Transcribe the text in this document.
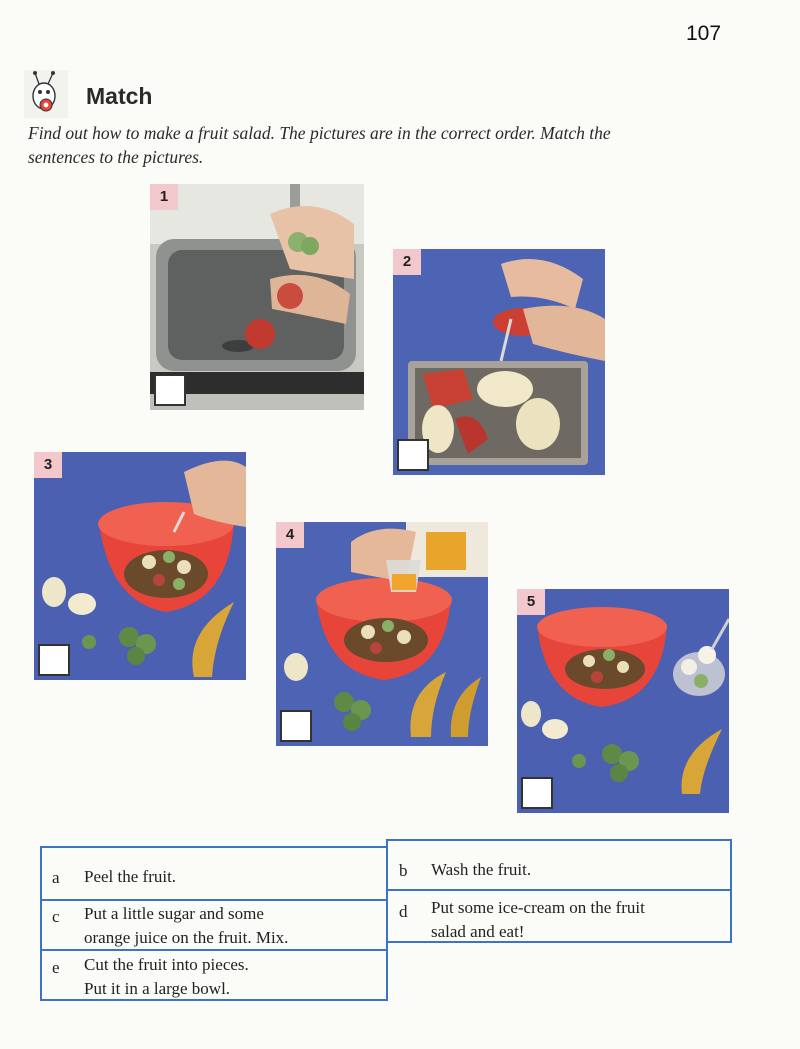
107
Match
Find out how to make a fruit salad. The pictures are in the correct order. Match the sentences to the pictures.
1
2
3
4
5
b Wash the fruit.
d Put some ice-cream on the fruit
salad and eat!
a Peel the fruit.
c Put a little sugar and some
orange juice on the fruit. Mix.
e Cut the fruit into pieces.
Put it in a large bowl.
